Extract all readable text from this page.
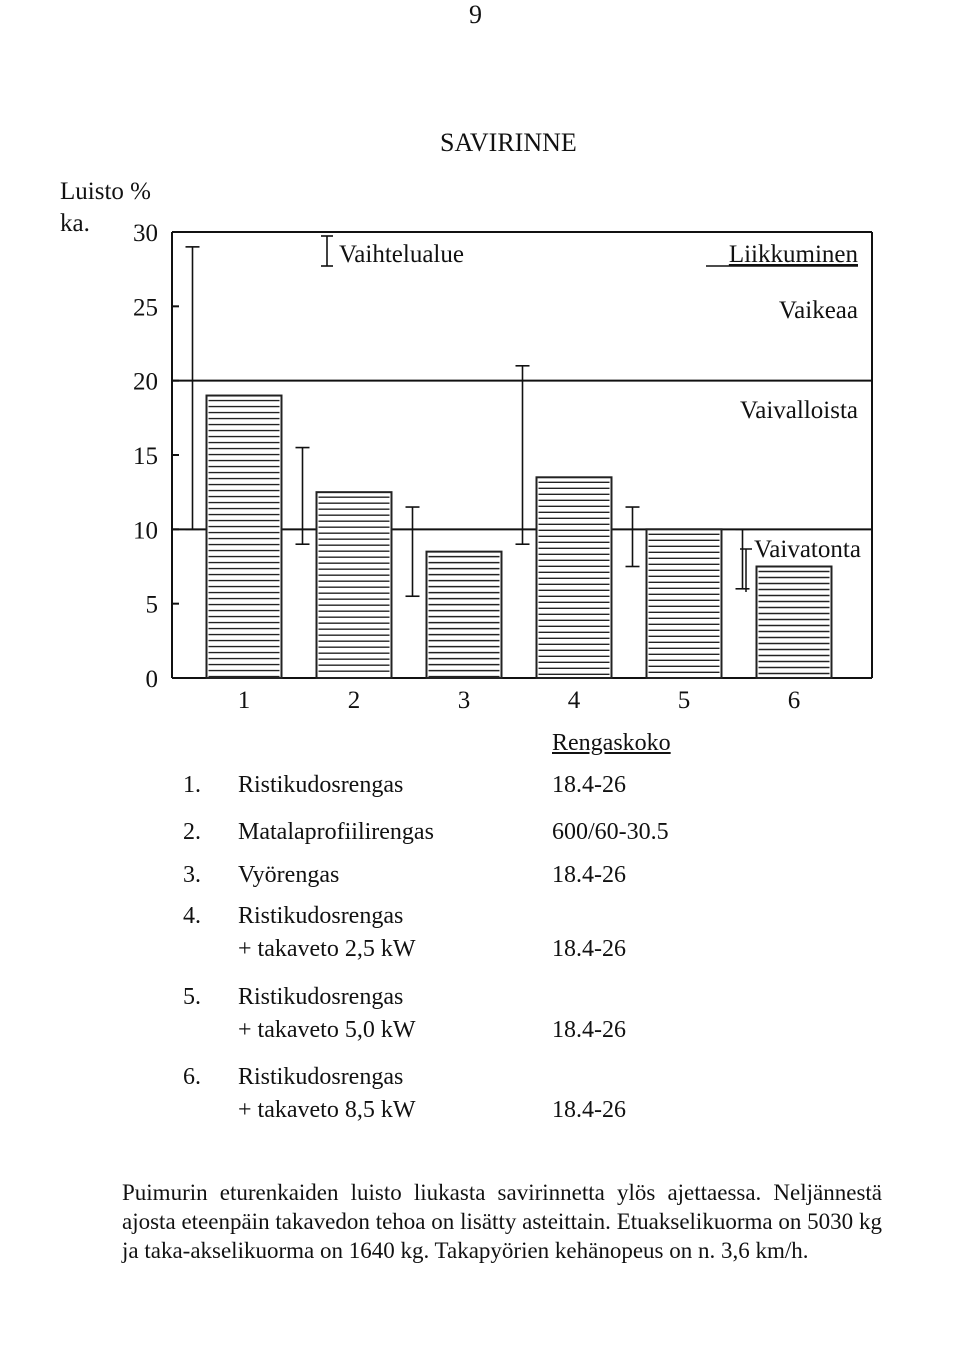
9
SAVIRINNE
Luisto %
ka.
0
5
10
15
20
25
30
1	2	3	4	5	6
Vaihtelualue	Liikkuminen
Vaikeaa
Vaivalloista
Vaivatonta
Rengaskoko
1. Ristikudosrengas	18.4-26
2. Matalaprofiilirengas	600/60-30.5
3. Vyörengas	18.4-26
4. Ristikudosrengas
+ takaveto 2,5 kW	18.4-26
5. Ristikudosrengas
+ takaveto 5,0 kW	18.4-26
6. Ristikudosrengas
+ takaveto 8,5 kW	18.4-26
Puimurin eturenkaiden luisto liukasta savirinnetta ylös ajettaessa. Neljännestä ajosta eteenpäin takavedon tehoa on lisätty asteittain. Etuakselikuorma on 5030 kg ja taka-akselikuorma on 1640 kg. Takapyörien kehänopeus on n. 3,6 km/h.
